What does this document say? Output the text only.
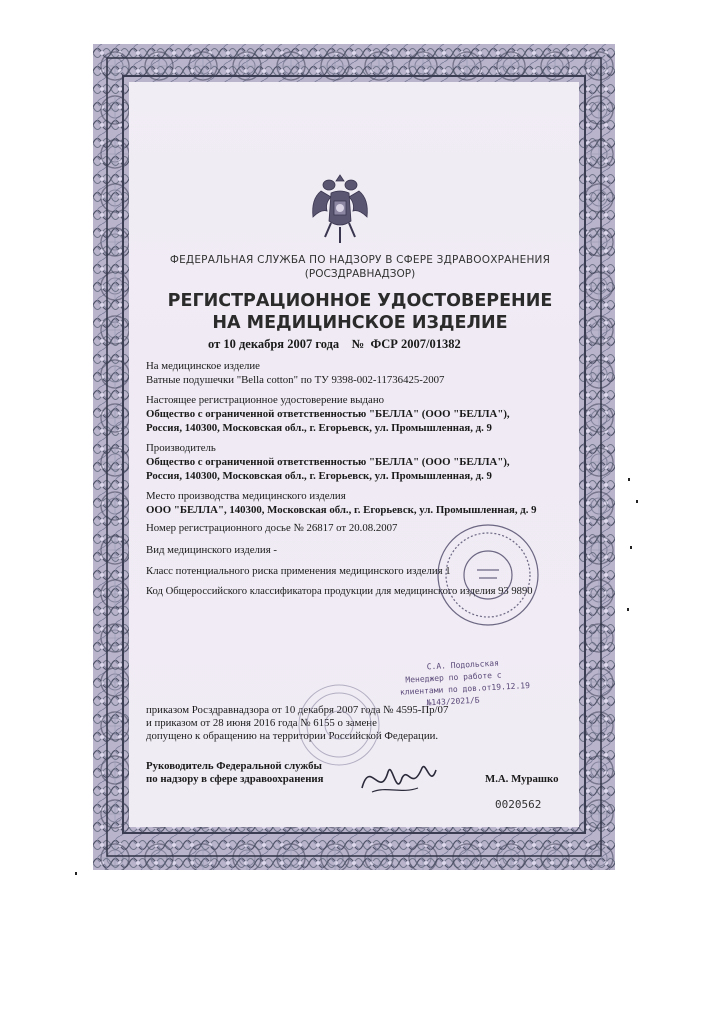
ФЕДЕРАЛЬНАЯ СЛУЖБА ПО НАДЗОРУ В СФЕРЕ ЗДРАВООХРАНЕНИЯ
(РОСЗДРАВНАДЗОР)
РЕГИСТРАЦИОННОЕ УДОСТОВЕРЕНИЕ
НА МЕДИЦИНСКОЕ ИЗДЕЛИЕ
от 10 декабря 2007 года    №  ФСР 2007/01382
На медицинское изделие
Ватные подушечки "Bella cotton" по ТУ 9398-002-11736425-2007
Настоящее регистрационное удостоверение выдано
Общество с ограниченной ответственностью "БЕЛЛА" (ООО "БЕЛЛА"),
Россия, 140300, Московская обл., г. Егорьевск, ул. Промышленная, д. 9
Производитель
Общество с ограниченной ответственностью "БЕЛЛА" (ООО "БЕЛЛА"),
Россия, 140300, Московская обл., г. Егорьевск, ул. Промышленная, д. 9
Место производства медицинского изделия
ООО "БЕЛЛА", 140300, Московская обл., г. Егорьевск, ул. Промышленная, д. 9
Номер регистрационного досье № 26817 от 20.08.2007
Вид медицинского изделия -
Класс потенциального риска применения медицинского изделия 1
Код Общероссийского классификатора продукции для медицинского изделия 93 9890
приказом Росздравнадзора от 10 декабря 2007 года № 4595-Пр/07
и приказом от 28 июня 2016 года № 6155 о замене
допущено к обращению на территории Российской Федерации.
Руководитель Федеральной службы
по надзору в сфере здравоохранения	М.А. Мурашко
С.А. Подольская
Менеджер по работе с
клиентами по дов.от19.12.19
№143/2021/Б
0020562
